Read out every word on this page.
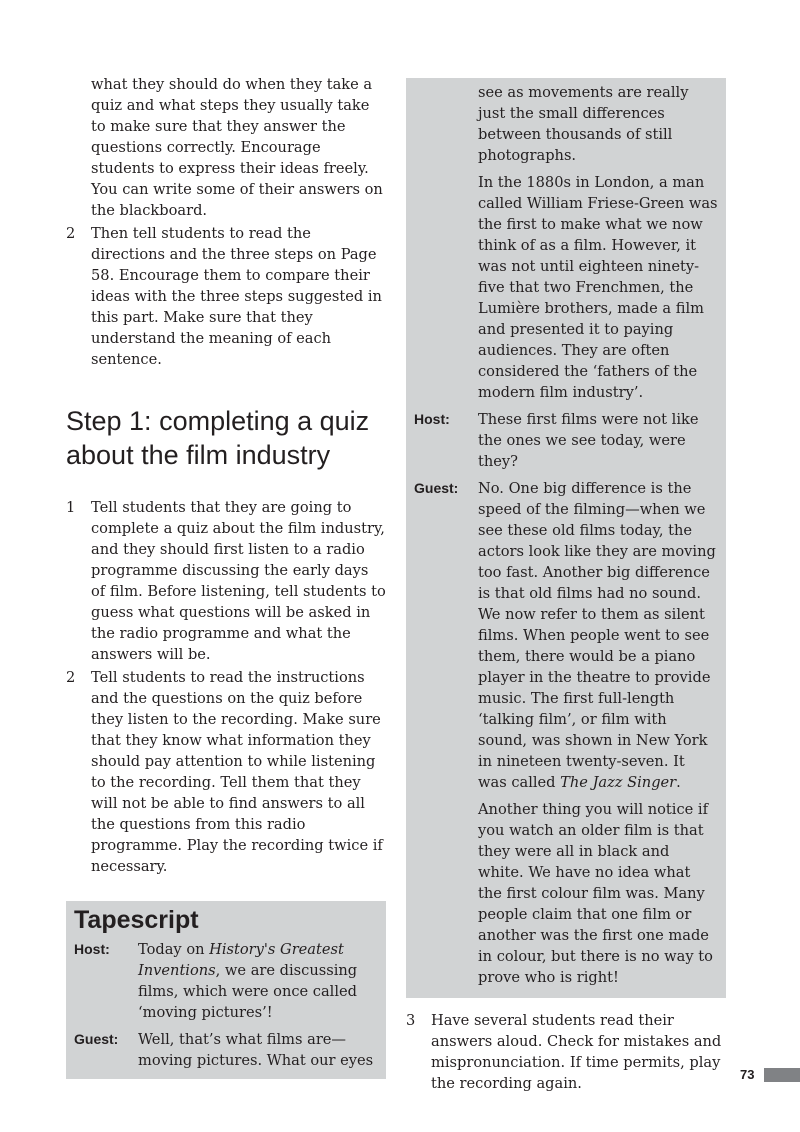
what they should do when they take a quiz and what steps they usually take to make sure that they answer the questions correctly. Encourage students to express their ideas freely. You can write some of their answers on the blackboard.

2	Then tell students to read the directions and the three steps on Page 58. Encourage them to compare their ideas with the three steps suggested in this part. Make sure that they understand the meaning of each sentence.
Step 1: completing a quiz about the film industry
1	Tell students that they are going to complete a quiz about the film industry, and they should first listen to a radio programme discussing the early days of film. Before listening, tell students to guess what questions will be asked in the radio programme and what the answers will be.
2	Tell students to read the instructions and the questions on the quiz before they listen to the recording. Make sure that they know what information they should pay attention to while listening to the recording. Tell them that they will not be able to find answers to all the questions from this radio programme. Play the recording twice if necessary.
Tapescript
Host:	Today on History's Greatest Inventions, we are discussing films, which were once called ‘moving pictures’!
Guest:	Well, that’s what films are—moving pictures. What our eyes
see as movements are really just the small differences between thousands of still photographs.
In the 1880s in London, a man called William Friese-Green was the first to make what we now think of as a film. However, it was not until eighteen ninety-five that two Frenchmen, the Lumière brothers, made a film and presented it to paying audiences. They are often considered the ‘fathers of the modern film industry’.
Host:	These first films were not like the ones we see today, were they?
Guest:	No. One big difference is the speed of the filming—when we see these old films today, the actors look like they are moving too fast. Another big difference is that old films had no sound. We now refer to them as silent films. When people went to see them, there would be a piano player in the theatre to provide music. The first full-length ‘talking film’, or film with sound, was shown in New York in nineteen twenty-seven. It was called The Jazz Singer.
Another thing you will notice if you watch an older film is that they were all in black and white. We have no idea what the first colour film was. Many people claim that one film or another was the first one made in colour, but there is no way to prove who is right!
3	Have several students read their answers aloud. Check for mistakes and mispronunciation. If time permits, play the recording again.
73
